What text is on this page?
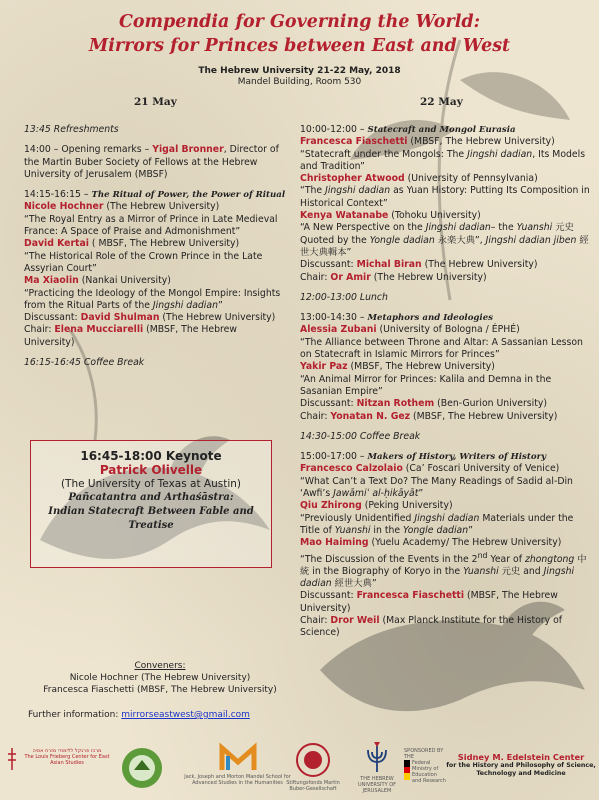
Compendia for Governing the World:
Mirrors for Princes between East and West
The Hebrew University 21-22 May, 2018
Mandel Building, Room 530
21 May	22 May

13:45 Refreshments

14:00 – Opening remarks – Yigal Bronner, Director of the Martin Buber Society of Fellows at the Hebrew University of Jerusalem (MBSF)

14:15-16:15 – The Ritual of Power, the Power of Ritual

Nicole Hochner (The Hebrew University)

“The Royal Entry as a Mirror of Prince in Late Medieval France: A Space of Praise and Admonishment”

David Kertai ( MBSF, The Hebrew University)

“The Historical Role of the Crown Prince in the Late Assyrian Court”

Ma Xiaolin (Nankai University)

“Practicing the Ideology of the Mongol Empire: Insights from the Ritual Parts of the Jingshi dadian”

Discussant: David Shulman (The Hebrew University)

Chair: Elena Mucciarelli (MBSF, The Hebrew University)

16:15-16:45 Coffee Break

16:45-18:00 Keynote
Patrick Olivelle
(The University of Texas at Austin)
Pañcatantra and Arthaśāstra:
Indian Statecraft Between Fable and Treatise
Conveners:
Nicole Hochner (The Hebrew University)
Francesca Fiaschetti (MBSF, The Hebrew University)
Further information: mirrorseastwest@gmail.com

10:00-12:00 – Statecraft and Mongol Eurasia

Francesca Fiaschetti (MBSF, The Hebrew University)

“Statecraft under the Mongols: The Jingshi dadian, Its Models and Tradition”

Christopher Atwood (University of Pennsylvania)

“The Jingshi dadian as Yuan History: Putting Its Composition in Historical Context”

Kenya Watanabe (Tohoku University)

“A New Perspective on the Jingshi dadian– the Yuanshi 元史 Quoted by the Yongle dadian 永楽大典”, Jingshi dadian jiben 經世大典輯本”

Discussant: Michal Biran (The Hebrew University)

Chair: Or Amir (The Hebrew University)

12:00-13:00 Lunch

13:00-14:30 – Metaphors and Ideologies

Alessia Zubani (University of Bologna / ÉPHÉ)

“The Alliance between Throne and Altar: A Sassanian Lesson on Statecraft in Islamic Mirrors for Princes”

Yakir Paz (MBSF, The Hebrew University)

“An Animal Mirror for Princes: Kalila and Demna in the Sasanian Empire”

Discussant: Nitzan Rothem (Ben-Gurion University)

Chair: Yonatan N. Gez (MBSF, The Hebrew University)

14:30-15:00 Coffee Break

15:00-17:00 – Makers of History, Writers of History

Francesco Calzolaio (Ca’ Foscari University of Venice)

“What Can’t a Text Do? The Many Readings of Sadid al-Din ‘Awfi’s Jawāmiʿ al-ḥikāyāt”

Qiu Zhirong (Peking University)

“Previously Unidentified Jingshi dadian Materials under the Title of Yuanshi in the Yongle dadian”

Mao Haiming (Yuelu Academy/ The Hebrew University)

“The Discussion of the Events in the 2nd Year of zhongtong 中統 in the Biography of Koryo in the Yuanshi 元史 and Jingshi dadian 經世大典”

Discussant: Francesca Fiaschetti (MBSF, The Hebrew University)

Chair: Dror Weil (Max Planck Institute for the History of Science)

מרכז פרנקל ללימודי מזרח אסיה
The Louis Frieberg Center for East Asian Studies
Jack, Joseph and Morton Mandel School for Advanced Studies in the Humanities Stiftungsfonds Martin Buber-Gesellschaft
THE HEBREW UNIVERSITY OF JERUSALEM
SPONSORED BY THE
Federal Ministry of Education and Research
Sidney M. Edelstein Center
for the History and Philosophy of Science, Technology and Medicine
